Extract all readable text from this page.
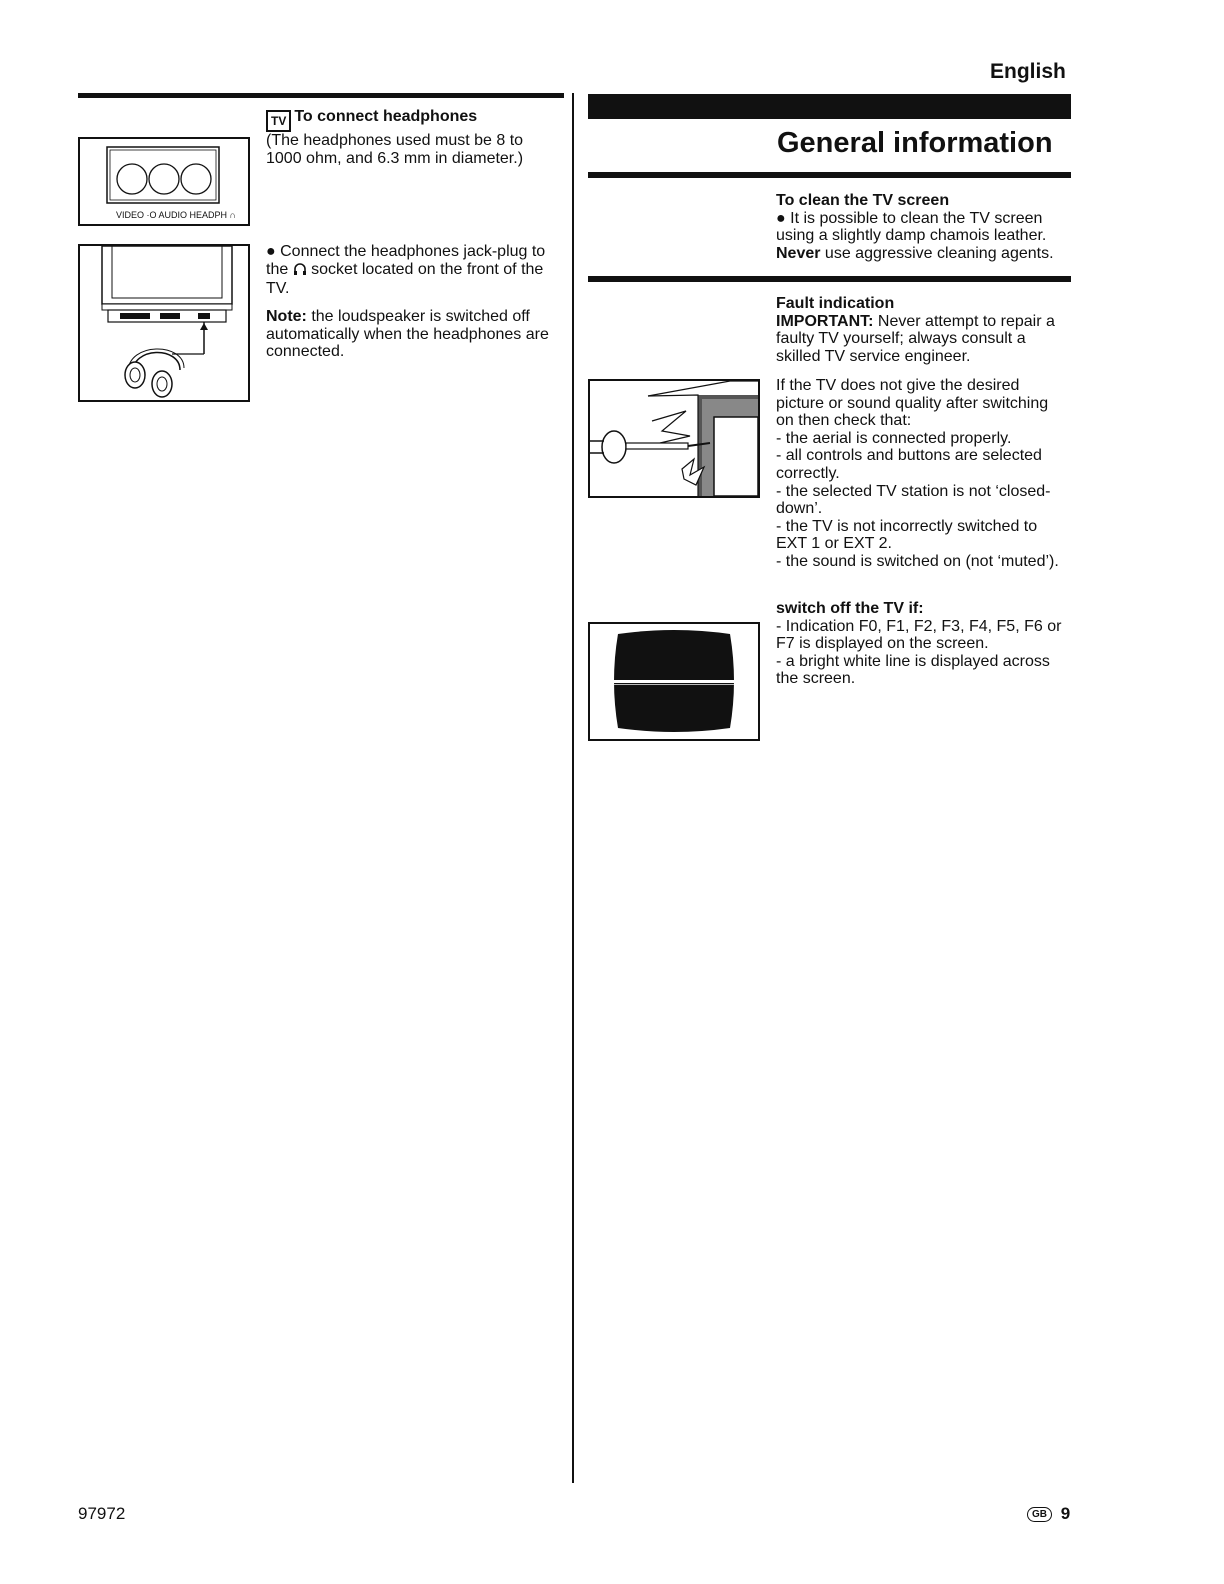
English
VIDEO ·O AUDIO HEADPH ∩

TV To connect headphones

(The headphones used must be 8 to 1000 ohm, and 6.3 mm in diameter.)

● Connect the headphones jack-plug to the socket located on the front of the TV.

Note: the loudspeaker is switched off automatically when the headphones are connected.

General information

To clean the TV screen

● It is possible to clean the TV screen using a slightly damp chamois leather. Never use aggressive cleaning agents.

Fault indication

IMPORTANT: Never attempt to repair a faulty TV yourself; always consult a skilled TV service engineer.

If the TV does not give the desired picture or sound quality after switching on then check that:

- the aerial is connected properly.

- all controls and buttons are selected correctly.

- the selected TV station is not ‘closed-down’.

- the TV is not incorrectly switched to EXT 1 or EXT 2.

- the sound is switched on (not ‘muted’).

switch off the TV if:

- Indication F0, F1, F2, F3, F4, F5, F6 or F7 is displayed on the screen.

- a bright white line is displayed across the screen.

97972	GB 9
